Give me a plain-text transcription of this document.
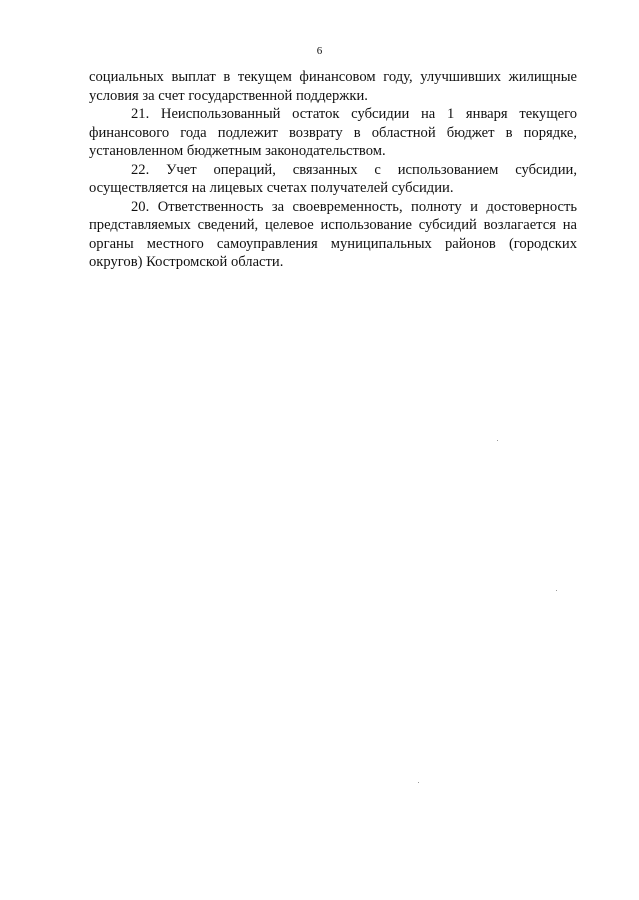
6

социальных выплат в текущем финансовом году, улучшивших жилищные условия за счет государственной поддержки.

21. Неиспользованный остаток субсидии на 1 января текущего финансового года подлежит возврату в областной бюджет в порядке, установленном бюджетным законодательством.

22. Учет операций, связанных с использованием субсидии, осуществляется на лицевых счетах получателей субсидии.

20. Ответственность за своевременность, полноту и достоверность представляемых сведений, целевое использование субсидий возлагается на органы местного самоуправления муниципальных районов (городских округов) Костромской области.
